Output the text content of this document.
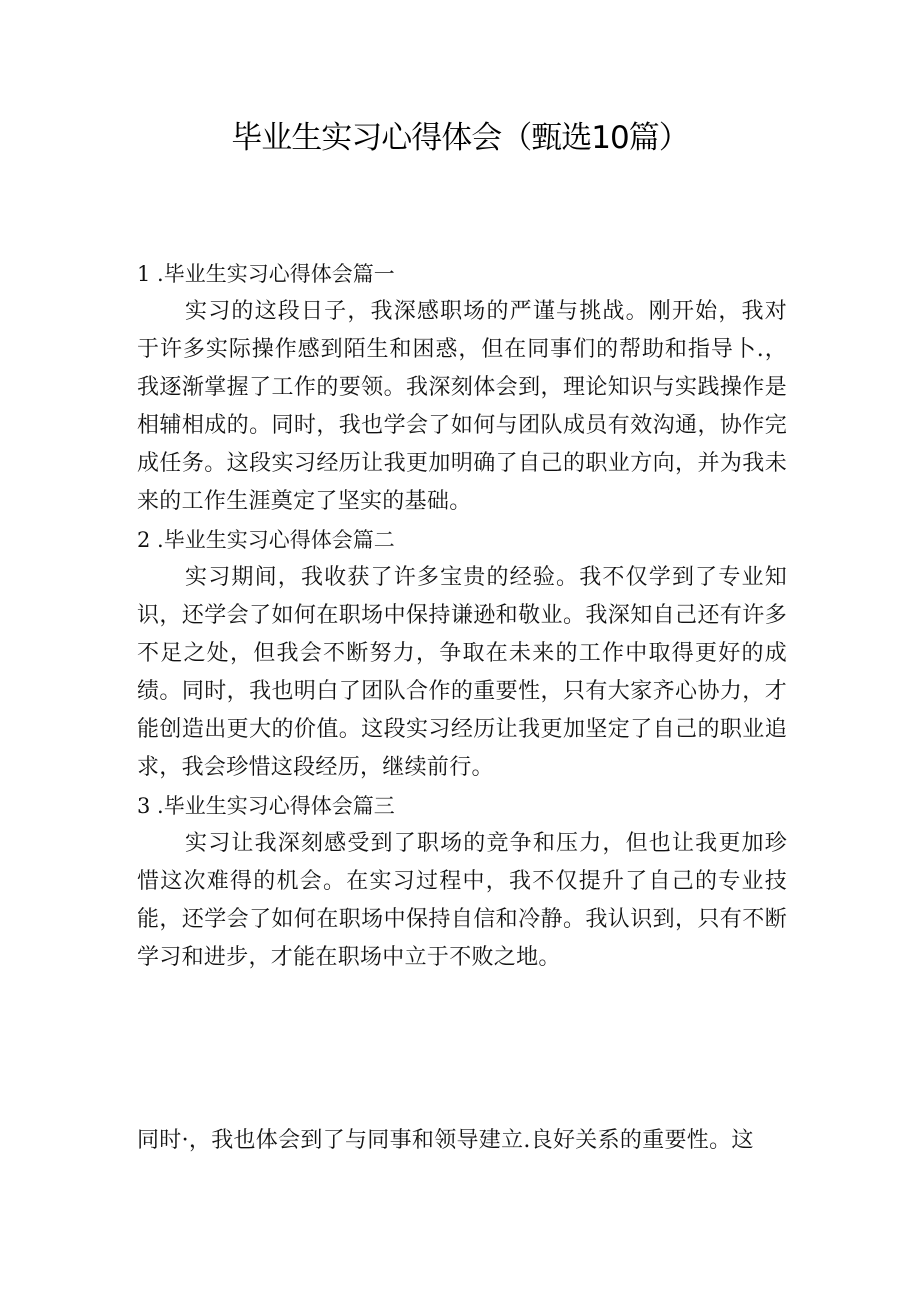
毕业生实习心得体会（甄选10篇）
1 .毕业生实习心得体会篇一

实习的这段日子，我深感职场的严谨与挑战。刚开始，我对于许多实际操作感到陌生和困惑，但在同事们的帮助和指导卜.，我逐渐掌握了工作的要领。我深刻体会到，理论知识与实践操作是相辅相成的。同时，我也学会了如何与团队成员有效沟通，协作完成任务。这段实习经历让我更加明确了自己的职业方向，并为我未来的工作生涯奠定了坚实的基础。

2 .毕业生实习心得体会篇二

实习期间，我收获了许多宝贵的经验。我不仅学到了专业知识，还学会了如何在职场中保持谦逊和敬业。我深知自己还有许多不足之处，但我会不断努力，争取在未来的工作中取得更好的成绩。同时，我也明白了团队合作的重要性，只有大家齐心协力，才能创造出更大的价值。这段实习经历让我更加坚定了自己的职业追求，我会珍惜这段经历，继续前行。

3 .毕业生实习心得体会篇三

实习让我深刻感受到了职场的竞争和压力，但也让我更加珍惜这次难得的机会。在实习过程中，我不仅提升了自己的专业技能，还学会了如何在职场中保持自信和冷静。我认识到，只有不断学习和进步，才能在职场中立于不败之地。

同时·，我也体会到了与同事和领导建立.良好关系的重要性。这
